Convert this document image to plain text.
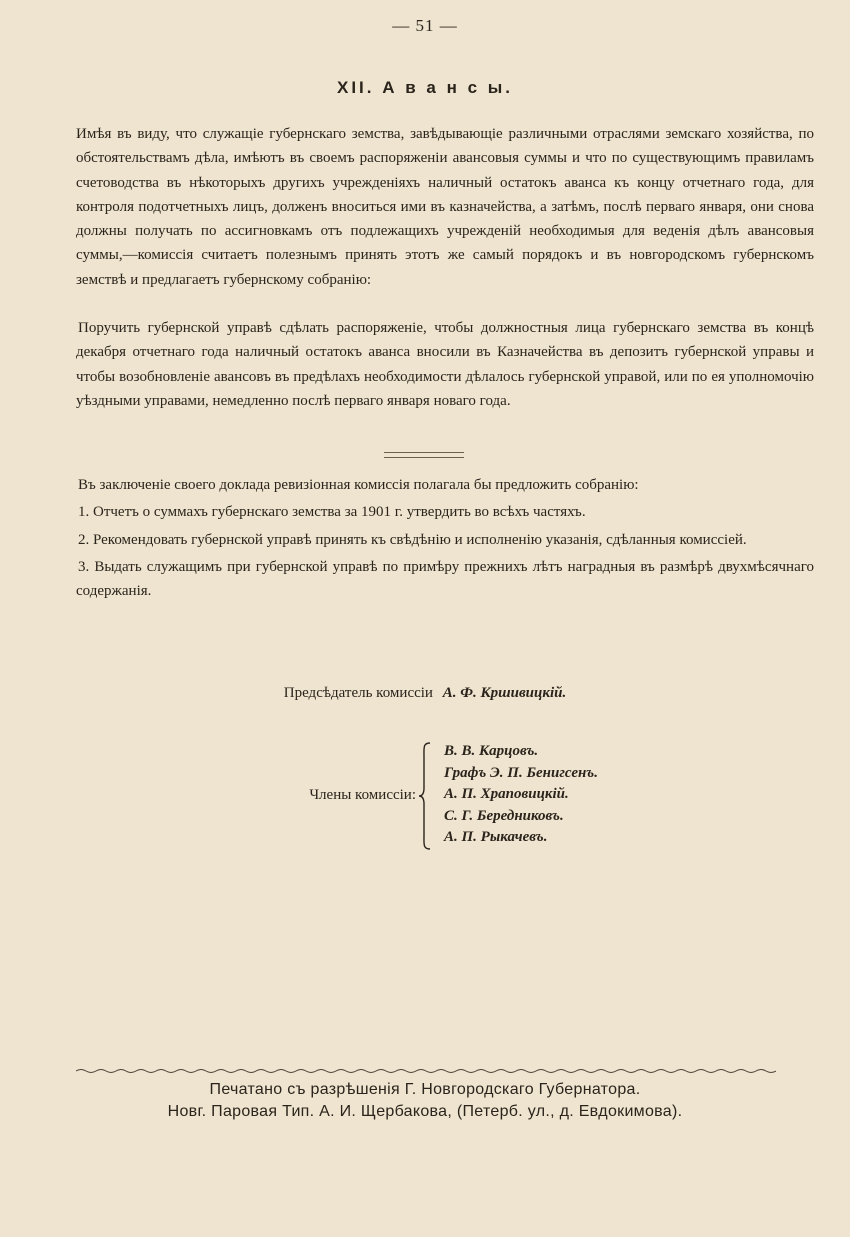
— 51 —
XII. А в а н с ы.

Имѣя въ виду, что служащіе губернскаго земства, завѣдывающіе различными отраслями земскаго хозяйства, по обстоятельствамъ дѣла, имѣютъ въ своемъ распоряженіи авансовыя суммы и что по существующимъ правиламъ счетоводства въ нѣкоторыхъ другихъ учрежденіяхъ наличный остатокъ аванса къ концу отчетнаго года, для контроля подотчетныхъ лицъ, долженъ вноситься ими въ казначейства, а затѣмъ, послѣ перваго января, они снова должны получать по ассигновкамъ отъ подлежащихъ учрежденій необходимыя для веденія дѣлъ авансовыя суммы,—комиссія считаетъ полезнымъ принять этотъ же самый порядокъ и въ новгородскомъ губернскомъ земствѣ и предлагаетъ губернскому собранію:

Поручить губернской управѣ сдѣлать распоряженіе, чтобы должностныя лица губернскаго земства въ концѣ декабря отчетнаго года наличный остатокъ аванса вносили въ Казначейства въ депозитъ губернской управы и чтобы возобновленіе авансовъ въ предѣлахъ необходимости дѣлалось губернской управой, или по ея уполномочію уѣздными управами, немедленно послѣ перваго января новаго года.

Въ заключеніе своего доклада ревизіонная комиссія полагала бы предложить собранію:

1. Отчетъ о суммахъ губернскаго земства за 1901 г. утвердить во всѣхъ частяхъ.

2. Рекомендовать губернской управѣ принять къ свѣдѣнію и исполненію указанія, сдѣланныя комиссіей.

3. Выдать служащимъ при губернской управѣ по примѣру прежнихъ лѣтъ наградныя въ размѣрѣ двухмѣсячнаго содержанія.

Предсѣдатель комиссіи А. Ф. Кршивицкій.
Члены комиссіи:
В. В. Карцовъ.
Графъ Э. П. Бенигсенъ.
А. П. Храповицкій.
С. Г. Бередниковъ.
А. П. Рыкачевъ.
Печатано съ разрѣшенія Г. Новгородскаго Губернатора.
Новг. Паровая Тип. А. И. Щербакова, (Петерб. ул., д. Евдокимова).
